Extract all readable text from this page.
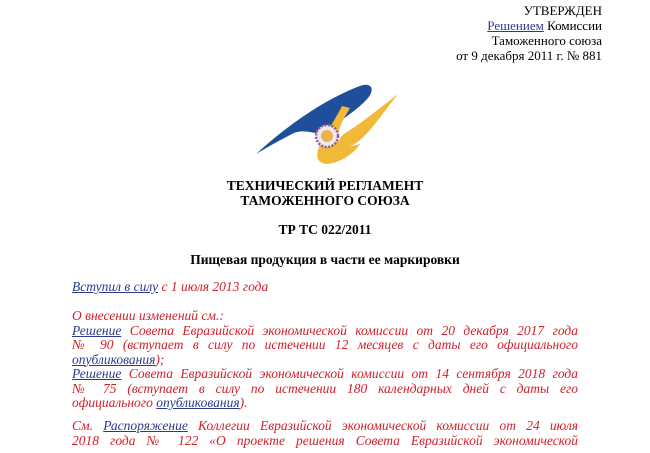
УТВЕРЖДЕН
Решением Комиссии
Таможенного союза
от 9 декабря 2011 г. № 881
ТЕХНИЧЕСКИЙ РЕГЛАМЕНТ
ТАМОЖЕННОГО СОЮЗА
ТР ТС 022/2011
Пищевая продукция в части ее маркировки
Вступил в силу с 1 июля 2013 года
О внесении изменений см.:
Решение Совета Евразийской экономической комиссии от 20 декабря 2017 года
№ 90 (вступает в силу по истечении 12 месяцев с даты его официального
опубликования);
Решение Совета Евразийской экономической комиссии от 14 сентября 2018 года
№ 75 (вступает в силу по истечении 180 календарных дней с даты его
официального опубликования).
См. Распоряжение Коллегии Евразийской экономической комиссии от 24 июля
2018 года № 122 «О проекте решения Совета Евразийской экономической
